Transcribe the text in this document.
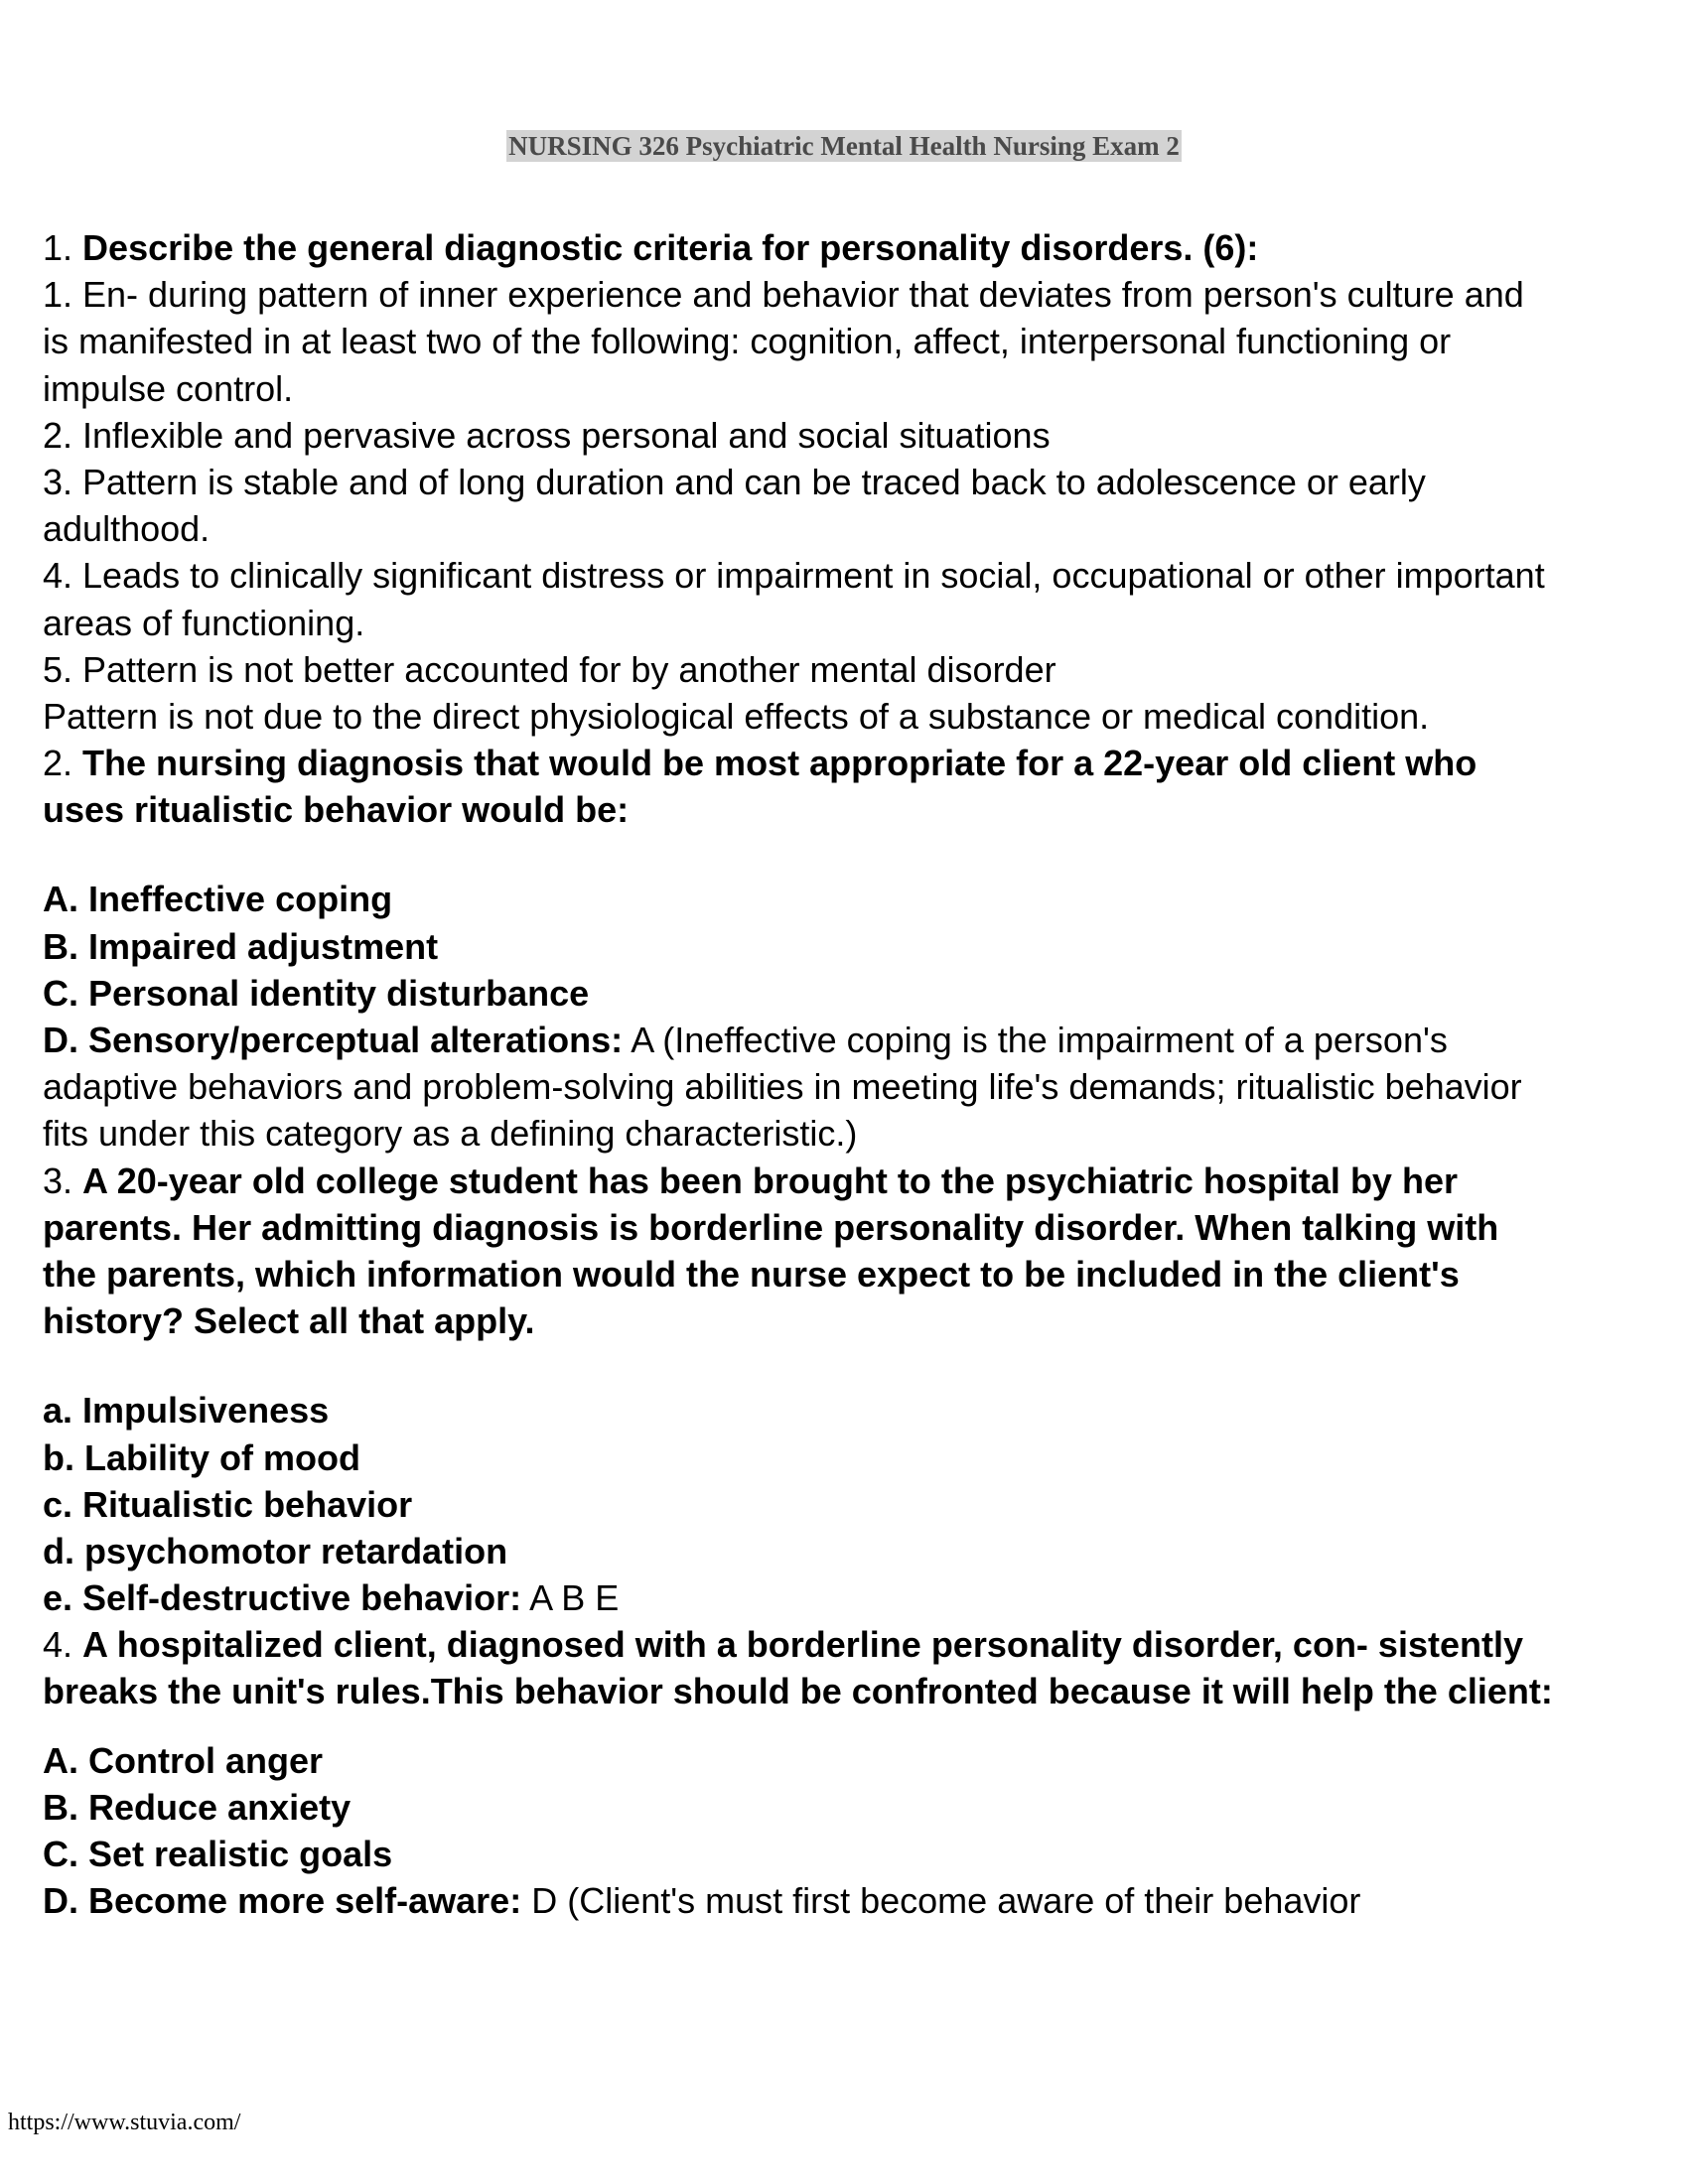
NURSING 326 Psychiatric Mental Health Nursing Exam 2
1. Describe the general diagnostic criteria for personality disorders. (6):
1. En- during pattern of inner experience and behavior that deviates from person's culture and
is manifested in at least two of the following: cognition, affect, interpersonal functioning or
impulse control.
2. Inflexible and pervasive across personal and social situations
3. Pattern is stable and of long duration and can be traced back to adolescence or early
adulthood.
4. Leads to clinically significant distress or impairment in social, occupational or other important
areas of functioning.
5. Pattern is not better accounted for by another mental disorder
Pattern is not due to the direct physiological effects of a substance or medical condition.
2. The nursing diagnosis that would be most appropriate for a 22-year old client who
uses ritualistic behavior would be:
A. Ineffective coping
B. Impaired adjustment
C. Personal identity disturbance
D. Sensory/perceptual alterations: A (Ineffective coping is the impairment of a person's
adaptive behaviors and problem-solving abilities in meeting life's demands; ritualistic behavior
fits under this category as a defining characteristic.)
3. A 20-year old college student has been brought to the psychiatric hospital by her
parents. Her admitting diagnosis is borderline personality disorder. When talking with
the parents, which information would the nurse expect to be included in the client's
history? Select all that apply.
a. Impulsiveness
b. Lability of mood
c. Ritualistic behavior
d. psychomotor retardation
e. Self-destructive behavior: A B E
4. A hospitalized client, diagnosed with a borderline personality disorder, con- sistently
breaks the unit's rules.This behavior should be confronted because it will help the client:
A. Control anger
B. Reduce anxiety
C. Set realistic goals
D. Become more self-aware: D (Client's must first become aware of their behavior
https://www.stuvia.com/
